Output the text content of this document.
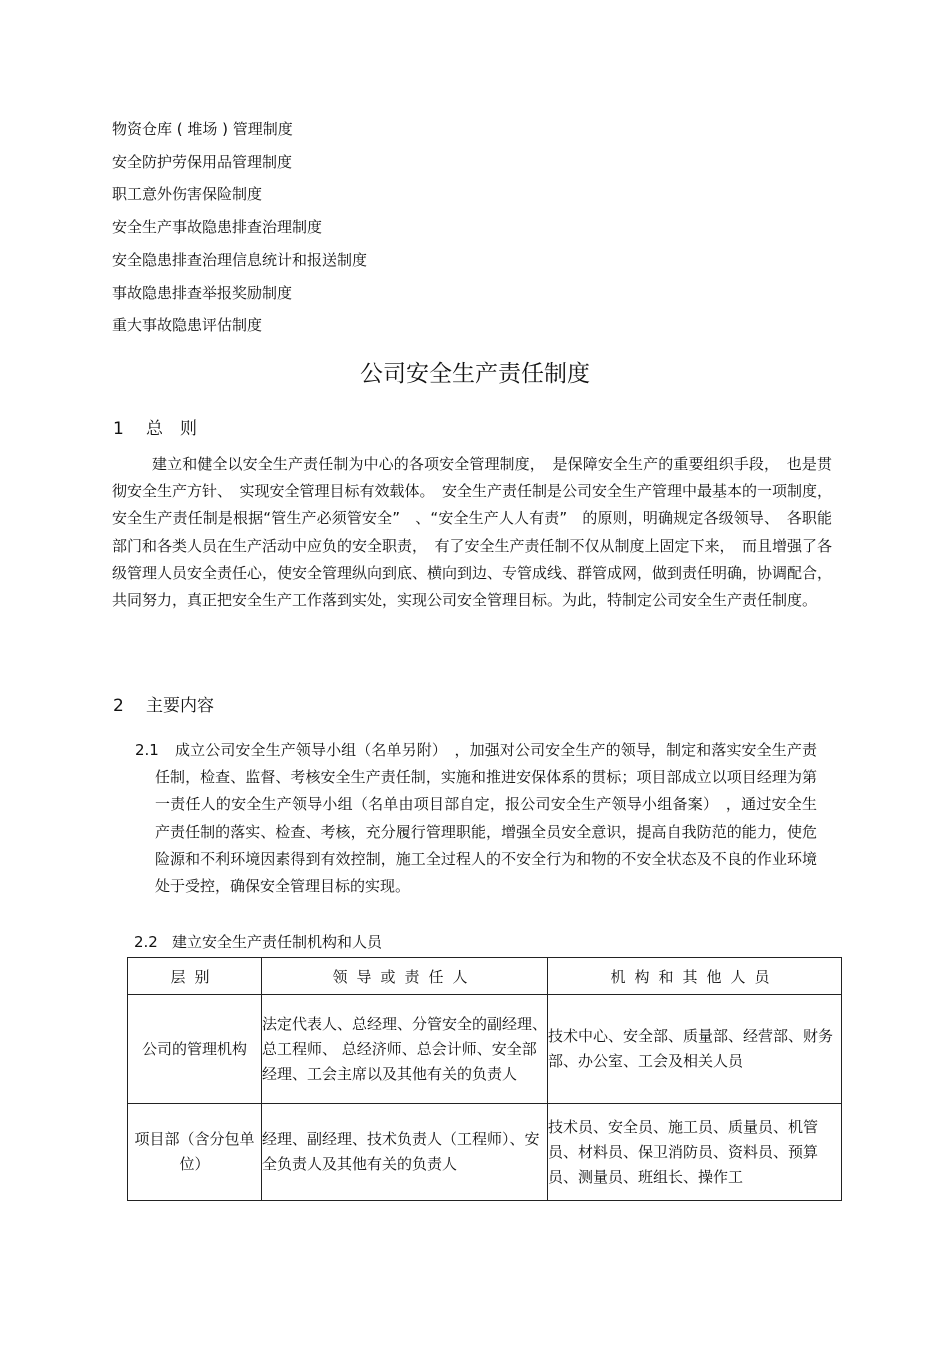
物资仓库 ( 堆场 ) 管理制度
安全防护劳保用品管理制度
职工意外伤害保险制度
安全生产事故隐患排查治理制度
安全隐患排查治理信息统计和报送制度
事故隐患排查举报奖励制度
重大事故隐患评估制度
公司安全生产责任制度
1 总　则

建立和健全以安全生产责任制为中心的各项安全管理制度，　是保障安全生产的重要组织手段，　也是贯彻安全生产方针、　实现安全管理目标有效载体。　安全生产责任制是公司安全生产管理中最基本的一项制度，安全生产责任制是根据“管生产必须管安全”　、“安全生产人人有责”　的原则，明确规定各级领导、　各职能部门和各类人员在生产活动中应负的安全职责，　有了安全生产责任制不仅从制度上固定下来，　而且增强了各级管理人员安全责任心，使安全管理纵向到底、横向到边、专管成线、群管成网，做到责任明确，协调配合，共同努力，真正把安全生产工作落到实处，实现公司安全管理目标。为此，特制定公司安全生产责任制度。

2 主要内容
2.1	成立公司安全生产领导小组（名单另附）　，加强对公司安全生产的领导，制定和落实安全生产责任制，检查、监督、考核安全生产责任制，实施和推进安保体系的贯标；项目部成立以项目经理为第一责任人的安全生产领导小组（名单由项目部自定，报公司安全生产领导小组备案）　，通过安全生产责任制的落实、检查、考核，充分履行管理职能，增强全员安全意识，提高自我防范的能力，使危险源和不利环境因素得到有效控制，施工全过程人的不安全行为和物的不安全状态及不良的作业环境处于受控，确保安全管理目标的实现。

2.2 建立安全生产责任制机构和人员

层别	领导或责任人	机构和其他人员
公司的管理机构	法定代表人、总经理、分管安全的副经理、 总工程师、 总经济师、总会计师、安全部经理、工会主席以及其他有关的负责人	技术中心、安全部、质量部、经营部、财务部、办公室、工会及相关人员
项目部（含分包单位）	经理、副经理、技术负责人（工程师）、安全负责人及其他有关的负责人	技术员、安全员、施工员、质量员、机管员、材料员、保卫消防员、资料员、预算员、测量员、班组长、操作工
